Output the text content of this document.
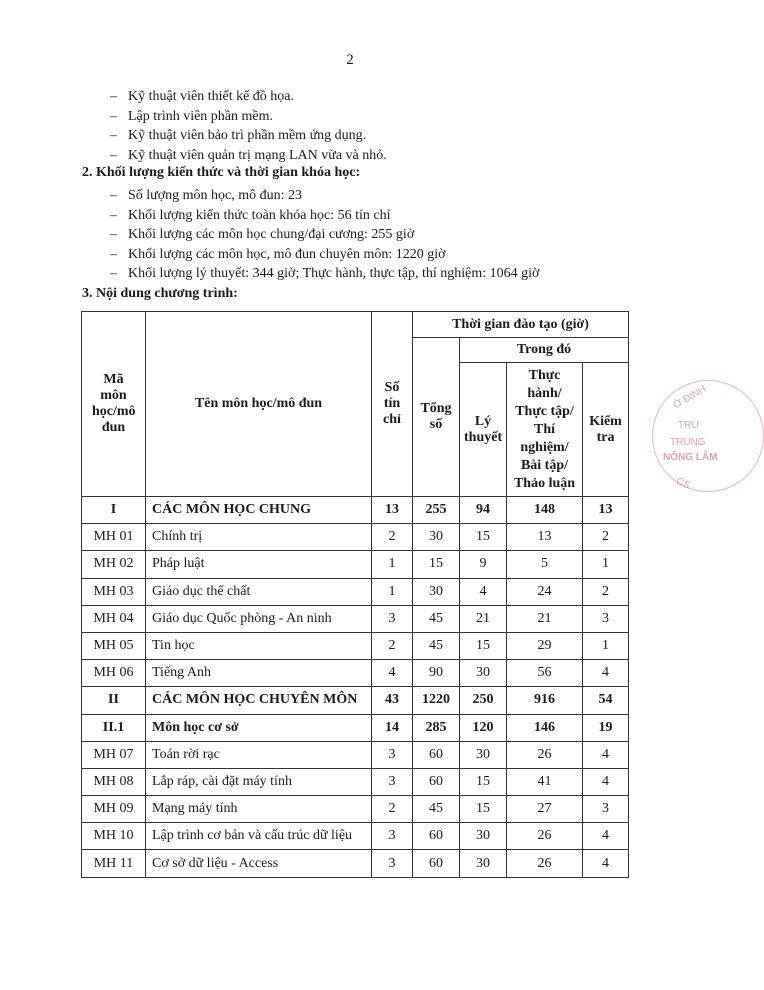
2
– Kỹ thuật viên thiết kế đồ họa.
– Lập trình viên phần mềm.
– Kỹ thuật viên bảo trì phần mềm ứng dụng.
– Kỹ thuật viên quản trị mạng LAN vừa và nhỏ.
2. Khối lượng kiến thức và thời gian khóa học:
– Số lượng môn học, mô đun: 23
– Khối lượng kiến thức toàn khóa học: 56 tín chỉ
– Khối lượng các môn học chung/đại cương: 255 giờ
– Khối lượng các môn học, mô đun chuyên môn: 1220 giờ
– Khối lượng lý thuyết: 344 giờ; Thực hành, thực tập, thí nghiệm: 1064 giờ
3. Nội dung chương trình:
Mã môn học/mô đun	Tên môn học/mô đun	Số tín chỉ	Thời gian đào tạo (giờ)			
			Tổng số	Trong đó		
				Lý thuyết	Thực hành/ Thực tập/ Thí nghiệm/ Bài tập/ Thảo luận	Kiểm tra
I	CÁC MÔN HỌC CHUNG	13	255	94	148	13
MH 01	Chính trị	2	30	15	13	2
MH 02	Pháp luật	1	15	9	5	1
MH 03	Giáo dục thể chất	1	30	4	24	2
MH 04	Giáo dục Quốc phòng - An ninh	3	45	21	21	3
MH 05	Tin học	2	45	15	29	1
MH 06	Tiếng Anh	4	90	30	56	4
II	CÁC MÔN HỌC CHUYÊN MÔN	43	1220	250	916	54
II.1	Môn học cơ sở	14	285	120	146	19
MH 07	Toán rời rạc	3	60	30	26	4
MH 08	Lắp ráp, cài đặt máy tính	3	60	15	41	4
MH 09	Mạng máy tính	2	45	15	27	3
MH 10	Lập trình cơ bản và cấu trúc dữ liệu	3	60	30	26	4
MH 11	Cơ sở dữ liệu - Access	3	60	30	26	4
Ờ ĐỊNH
TRƯ
TRUNG
NÔNG LÂM
CS
